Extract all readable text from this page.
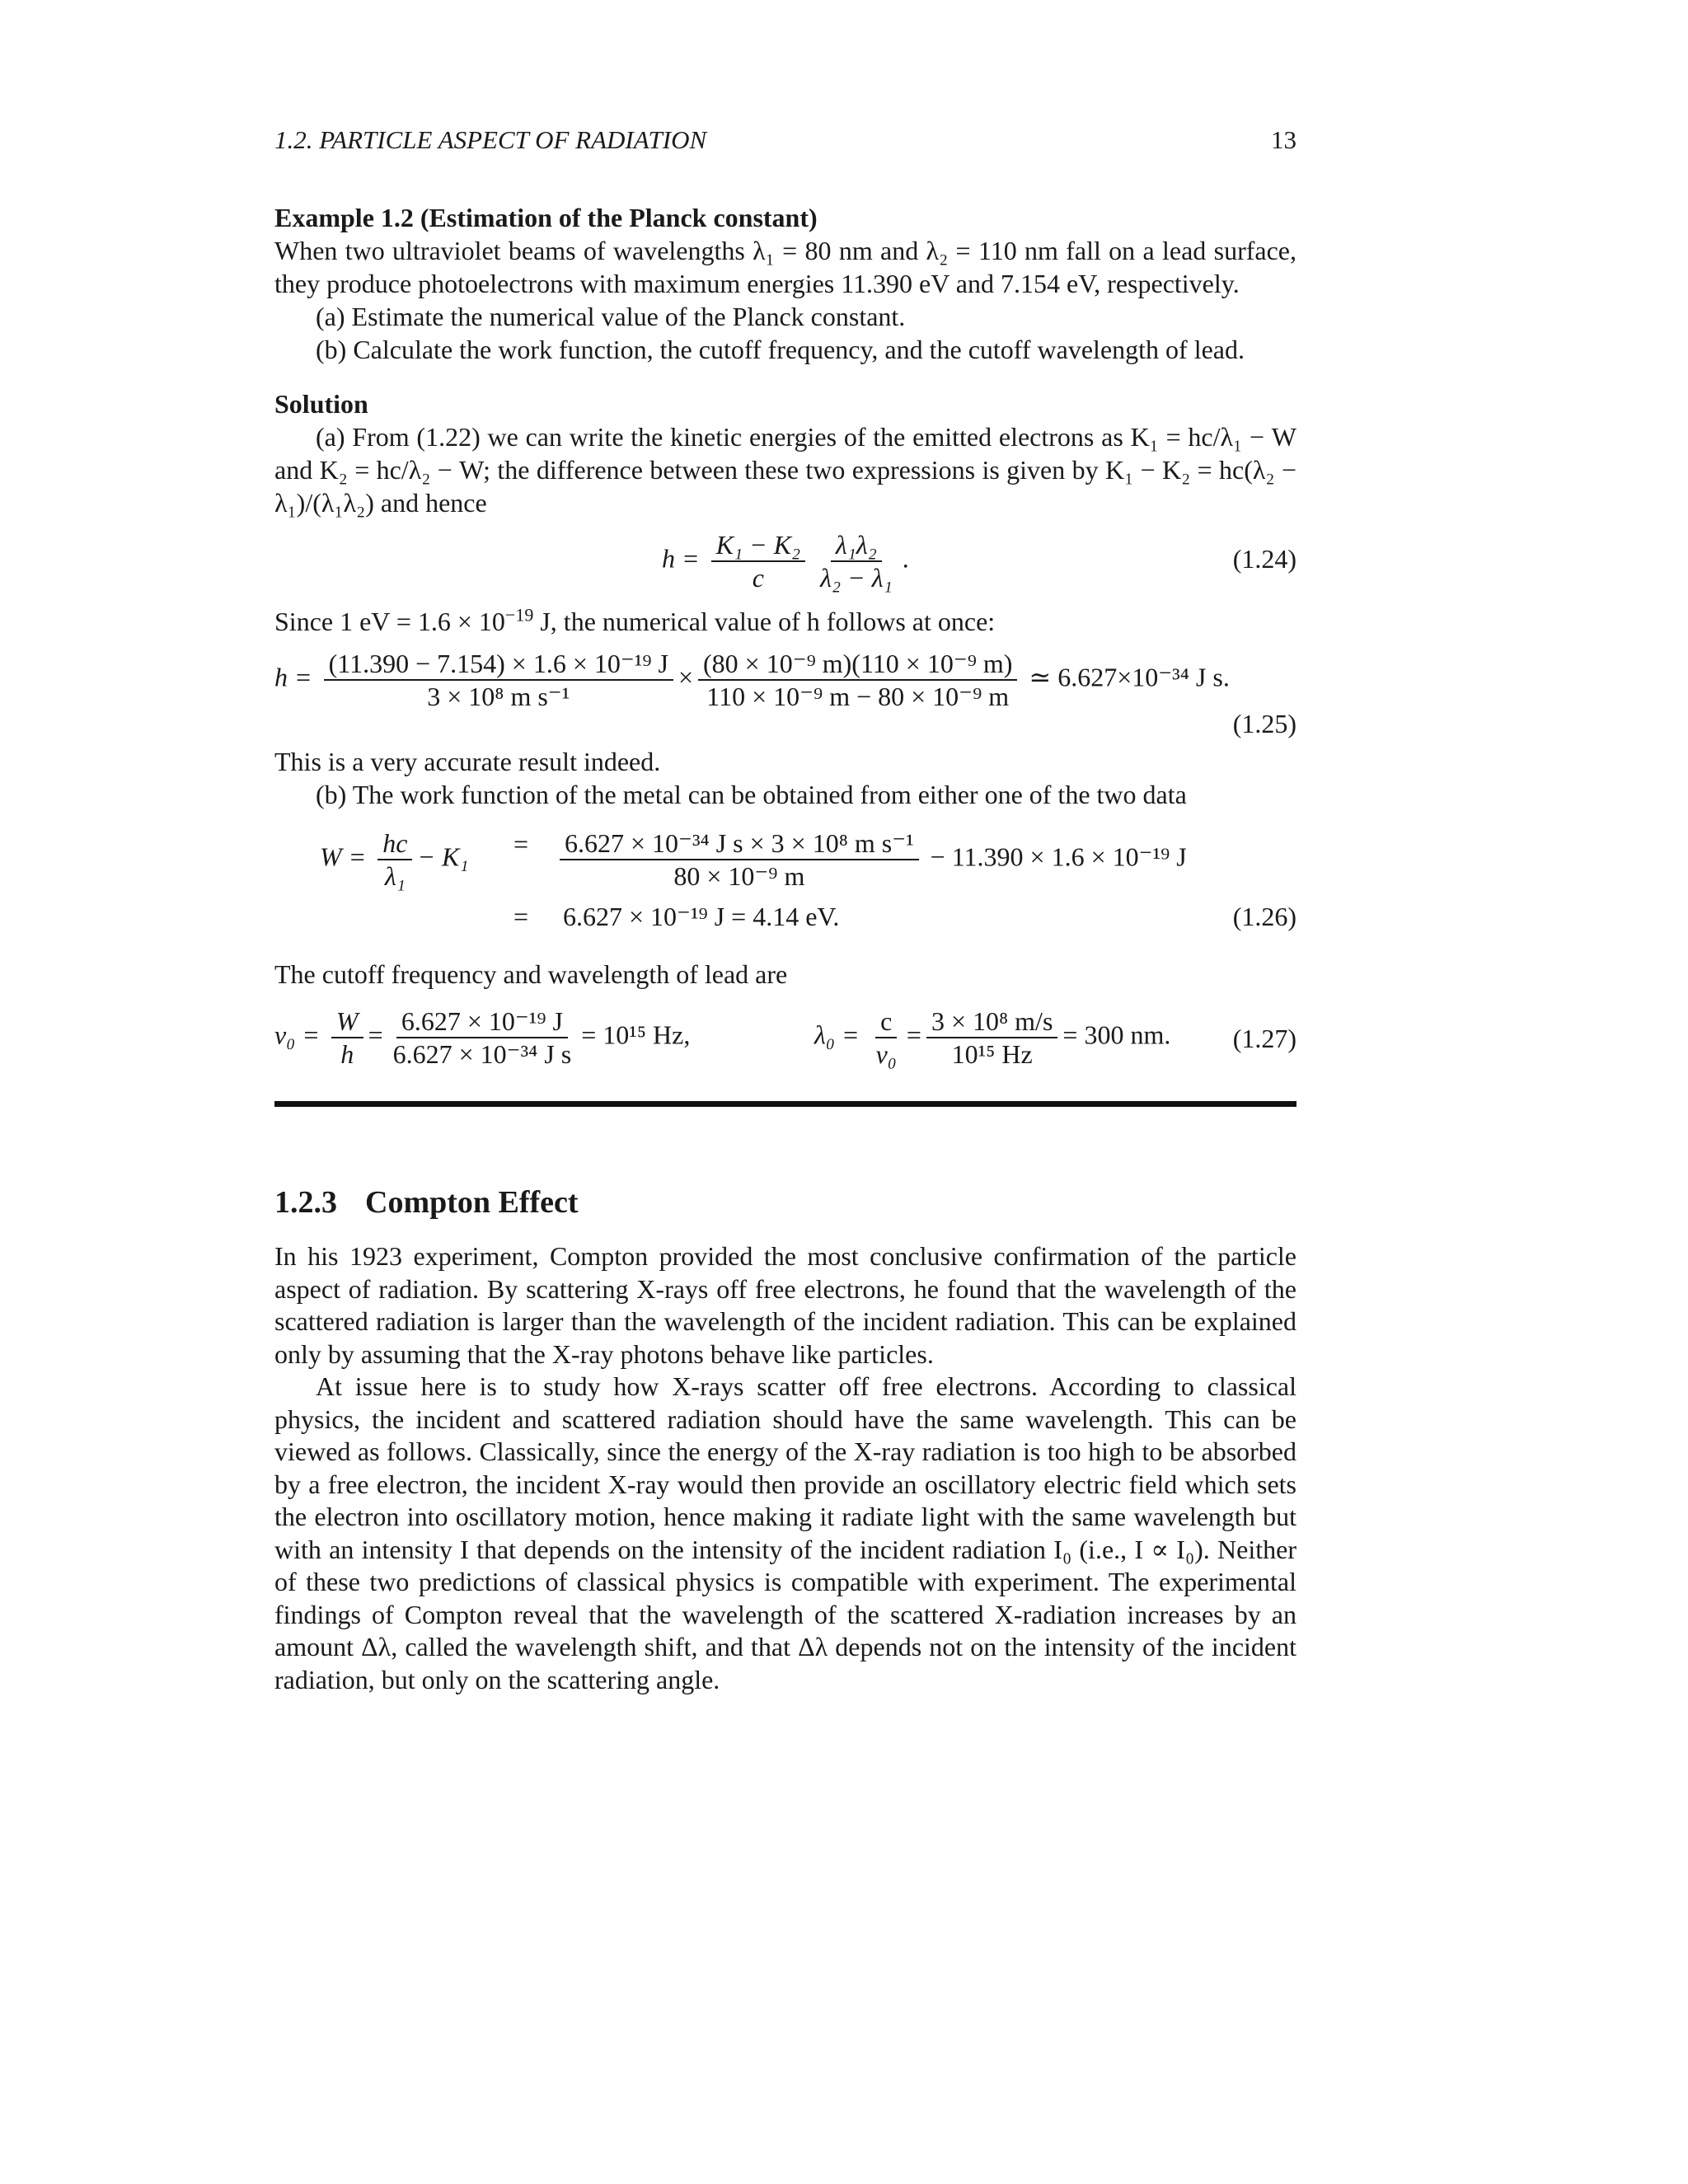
1.2. PARTICLE ASPECT OF RADIATION	13
Example 1.2 (Estimation of the Planck constant)

When two ultraviolet beams of wavelengths λ₁ = 80 nm and λ₂ = 110 nm fall on a lead surface, they produce photoelectrons with maximum energies 11.390 eV and 7.154 eV, respectively.

(a) Estimate the numerical value of the Planck constant.

(b) Calculate the work function, the cutoff frequency, and the cutoff wavelength of lead.

Solution

(a) From (1.22) we can write the kinetic energies of the emitted electrons as K₁ = hc/λ₁ − W and K₂ = hc/λ₂ − W; the difference between these two expressions is given by K₁ − K₂ = hc(λ₂ − λ₁)/(λ₁λ₂) and hence

$h = \frac{\text{K₁ − K₂}}{c} \frac{\text{λ₁λ₂}}{\text{λ₂ − λ₁}}$ .	(1.24)

Since 1 eV = $1.6 \times 10^{-19}$ J, the numerical value of h follows at once:

$h = \frac{\text{(11.390 − 7.154) × 1.6 × 10⁻¹⁹ J}}{\text{3 × 10⁸ m s⁻¹}} \times \frac{\text{(80 × 10⁻⁹ m)(110 × 10⁻⁹ m)}}{\text{110 × 10⁻⁹ m − 80 × 10⁻⁹ m}}$ ≃ 6.627×10⁻³⁴ J s.
(1.25)

This is a very accurate result indeed.

(b) The work function of the metal can be obtained from either one of the two data

$W = \frac{hc}{\text{λ₁}} - K_1 = \frac{\text{6.627 × 10⁻³⁴ J s × 3 × 10⁸ m s⁻¹}}{\text{80 × 10⁻⁹ m}} - 11.390 \times 1.6 \times 10^{-19}$ J
= 6.627 × 10⁻¹⁹ J = 4.14 eV.	(1.26)

The cutoff frequency and wavelength of lead are

$\nu_0 = \frac{W}{h} = \frac{\text{6.627 × 10⁻¹⁹ J}}{\text{6.627 × 10⁻³⁴ J s}} = 10^{15}$ Hz,	$\lambda_0 = \frac{c}{\text{ν₀}} = \frac{\text{3 × 10⁸ m/s}}{\text{10¹⁵ Hz}} = 300$ nm. (1.27)
1.2.3 Compton Effect

In his 1923 experiment, Compton provided the most conclusive confirmation of the particle aspect of radiation. By scattering X-rays off free electrons, he found that the wavelength of the scattered radiation is larger than the wavelength of the incident radiation. This can be explained only by assuming that the X-ray photons behave like particles.

At issue here is to study how X-rays scatter off free electrons. According to classical physics, the incident and scattered radiation should have the same wavelength. This can be viewed as follows. Classically, since the energy of the X-ray radiation is too high to be absorbed by a free electron, the incident X-ray would then provide an oscillatory electric field which sets the electron into oscillatory motion, hence making it radiate light with the same wavelength but with an intensity I that depends on the intensity of the incident radiation I₀ (i.e., I ∝ I₀). Neither of these two predictions of classical physics is compatible with experiment. The experimental findings of Compton reveal that the wavelength of the scattered X-radiation increases by an amount Δλ, called the wavelength shift, and that Δλ depends not on the intensity of the incident radiation, but only on the scattering angle.
